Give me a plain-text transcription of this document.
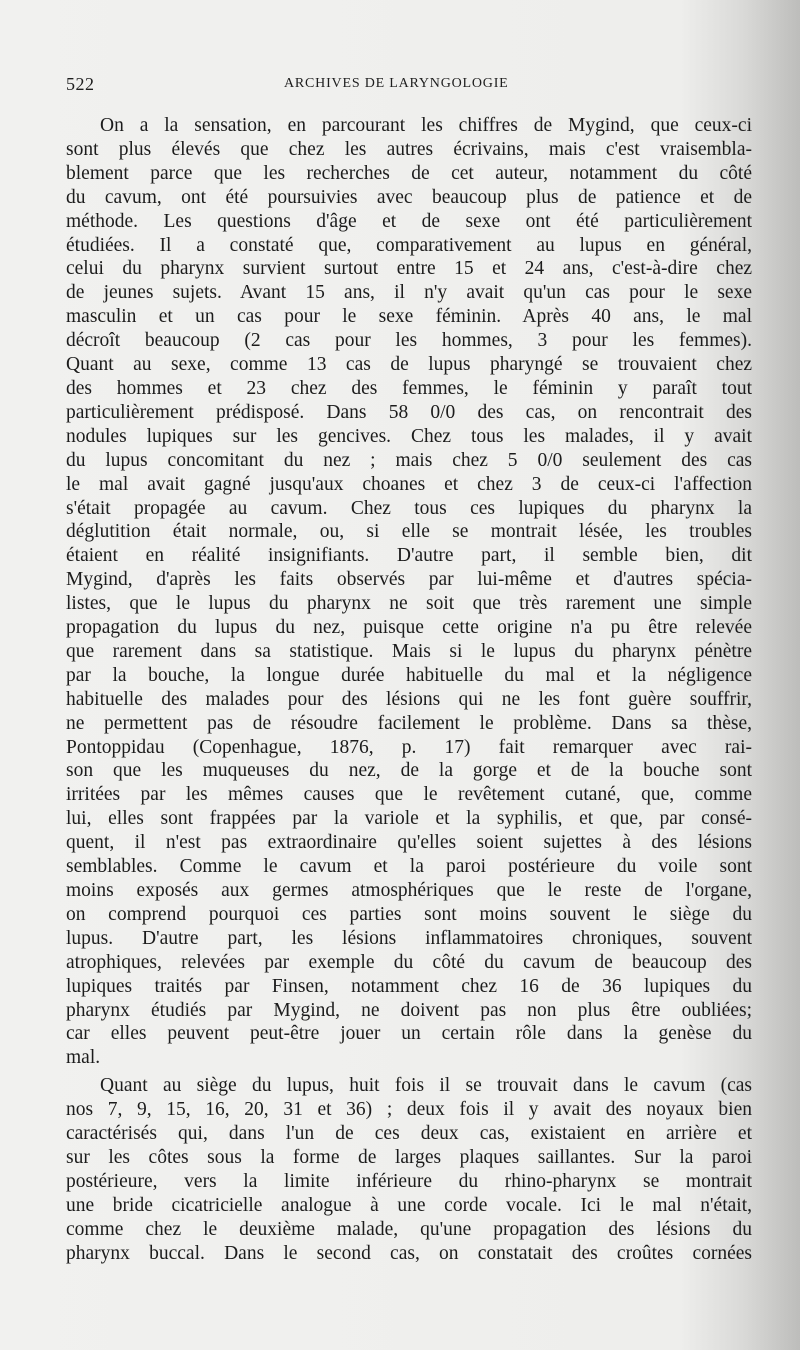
522	ARCHIVES DE LARYNGOLOGIE

On a la sensation, en parcourant les chiffres de Mygind, que ceux-ci

sont plus élevés que chez les autres écrivains, mais c'est vraisembla-

blement parce que les recherches de cet auteur, notamment du côté

du cavum, ont été poursuivies avec beaucoup plus de patience et de

méthode. Les questions d'âge et de sexe ont été particulièrement

étudiées. Il a constaté que, comparativement au lupus en général,

celui du pharynx survient surtout entre 15 et 24 ans, c'est-à-dire chez

de jeunes sujets. Avant 15 ans, il n'y avait qu'un cas pour le sexe

masculin et un cas pour le sexe féminin. Après 40 ans, le mal

décroît beaucoup (2 cas pour les hommes, 3 pour les femmes).

Quant au sexe, comme 13 cas de lupus pharyngé se trouvaient chez

des hommes et 23 chez des femmes, le féminin y paraît tout

particulièrement prédisposé. Dans 58 0/0 des cas, on rencontrait des

nodules lupiques sur les gencives. Chez tous les malades, il y avait

du lupus concomitant du nez ; mais chez 5 0/0 seulement des cas

le mal avait gagné jusqu'aux choanes et chez 3 de ceux-ci l'affection

s'était propagée au cavum. Chez tous ces lupiques du pharynx la

déglutition était normale, ou, si elle se montrait lésée, les troubles

étaient en réalité insignifiants. D'autre part, il semble bien, dit

Mygind, d'après les faits observés par lui-même et d'autres spécia-

listes, que le lupus du pharynx ne soit que très rarement une simple

propagation du lupus du nez, puisque cette origine n'a pu être relevée

que rarement dans sa statistique. Mais si le lupus du pharynx pénètre

par la bouche, la longue durée habituelle du mal et la négligence

habituelle des malades pour des lésions qui ne les font guère souffrir,

ne permettent pas de résoudre facilement le problème. Dans sa thèse,

Pontoppidau (Copenhague, 1876, p. 17) fait remarquer avec rai-

son que les muqueuses du nez, de la gorge et de la bouche sont

irritées par les mêmes causes que le revêtement cutané, que, comme

lui, elles sont frappées par la variole et la syphilis, et que, par consé-

quent, il n'est pas extraordinaire qu'elles soient sujettes à des lésions

semblables. Comme le cavum et la paroi postérieure du voile sont

moins exposés aux germes atmosphériques que le reste de l'organe,

on comprend pourquoi ces parties sont moins souvent le siège du

lupus. D'autre part, les lésions inflammatoires chroniques, souvent

atrophiques, relevées par exemple du côté du cavum de beaucoup des

lupiques traités par Finsen, notamment chez 16 de 36 lupiques du

pharynx étudiés par Mygind, ne doivent pas non plus être oubliées;

car elles peuvent peut-être jouer un certain rôle dans la genèse du

mal.

Quant au siège du lupus, huit fois il se trouvait dans le cavum (cas

nos 7, 9, 15, 16, 20, 31 et 36) ; deux fois il y avait des noyaux bien

caractérisés qui, dans l'un de ces deux cas, existaient en arrière et

sur les côtes sous la forme de larges plaques saillantes. Sur la paroi

postérieure, vers la limite inférieure du rhino-pharynx se montrait

une bride cicatricielle analogue à une corde vocale. Ici le mal n'était,

comme chez le deuxième malade, qu'une propagation des lésions du

pharynx buccal. Dans le second cas, on constatait des croûtes cornées
